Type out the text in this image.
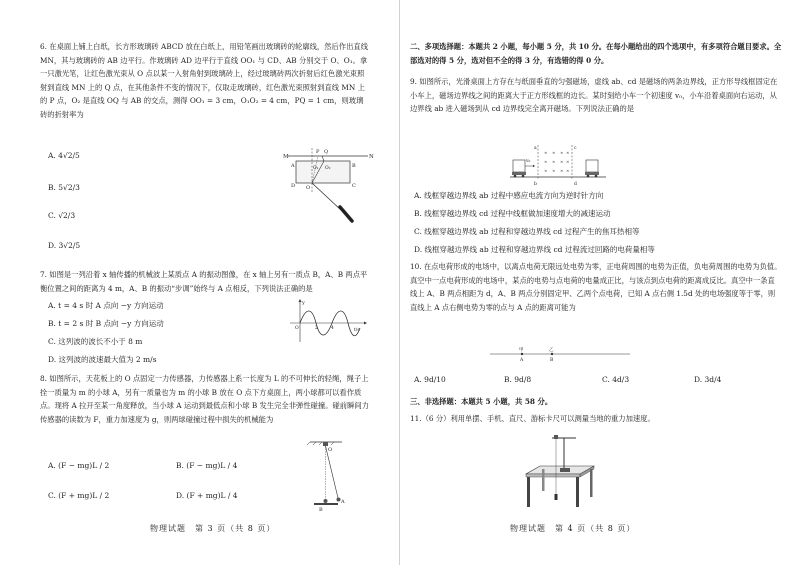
6. 在桌面上铺上白纸，长方形玻璃砖 ABCD 放在白纸上，用铅笔画出玻璃砖的轮廓线，然后作出直线 MN，其与玻璃砖的 AB 边平行。作玻璃砖 AD 边平行于直线 OO₁ 与 CD、AB 分别交于 O、O₁。拿一只激光笔，让红色激光束从 O 点以某一入射角射到玻璃砖上，经过玻璃砖两次折射后红色激光束照射到直线 MN 上的 Q 点，在其他条件不变的情况下，仅取走玻璃砖，红色激光束照射到直线 MN 上的 P 点，O₂ 是直线 OQ 与 AB 的交点，测得 OO₁ = 3 cm，O₁O₂ = 4 cm，PQ = 1 cm，则玻璃砖的折射率为

A. 4√2/5
B. 5√2/3
C. √2/3
D. 3√2/5
M	N
P Q
A	B
C
D
O₁ O₂
O

7. 如图是一列沿着 x 轴传播的机械波上某质点 A 的振动图像，在 x 轴上另有一质点 B，A、B 两点平衡位置之间的距离为 4 m，A、B 的振动“步调”始终与 A 点相反，下列说法正确的是

A. t = 4 s 时 A 点向 −y 方向运动
B. t = 2 s 时 B 点向 −y 方向运动
C. 这列波的波长不小于 8 m
D. 这列波的波速最大值为 2 m/s
y
t/s
O	2	4

8. 如图所示，天花板上的 O 点固定一力传感器，力传感器上系一长度为 L 的不可伸长的轻绳，绳子上拴一质量为 m 的小球 A，另有一质量也为 m 的小球 B 放在 O 点下方桌面上，两小球都可以看作质点。现将 A 拉开至某一角度释放，当小球 A 运动到最低点和小球 B 发生完全非弹性碰撞。碰前瞬间力传感器的读数为 F，重力加速度为 g，则两球碰撞过程中损失的机械能为

A. (F − mg)L / 2	B. (F − mg)L / 4
C. (F + mg)L / 2	D. (F + mg)L / 4
O
A
B
物理试题　第 3 页（共 8 页）

二、多项选择题：本题共 2 小题，每小题 5 分，共 10 分。在每小题给出的四个选项中，有多项符合题目要求。全部选对的得 5 分，选对但不全的得 3 分，有选错的得 0 分。

9. 如图所示，光滑桌面上方存在与纸面垂直的匀强磁场，虚线 ab、cd 是磁场的两条边界线，正方形导线框固定在小车上，磁场边界线之间的距离大于正方形线框的边长。某时刻给小车一个初速度 v₀，小车沿着桌面向右运动，从边界线 ab 进入磁场到从 cd 边界线完全离开磁场。下列说法正确的是

A. 线框穿越边界线 ab 过程中感应电流方向为逆时针方向
B. 线框穿越边界线 cd 过程中线框做加速度增大的减速运动
C. 线框穿越边界线 ab 过程和穿越边界线 cd 过程产生的焦耳热相等
D. 线框穿越边界线 ab 过程和穿越边界线 cd 过程流过回路的电荷量相等
× × × ×
× × × ×
× × × ×
v₀
a
b
c
d

10. 在点电荷形成的电场中，以离点电荷无限远处电势为零，正电荷周围的电势为正值，负电荷周围的电势为负值。真空中一点电荷形成的电场中，某点的电势与点电荷的电量成正比，与该点到点电荷的距离成反比。真空中一条直线上 A、B 两点相距为 d，A、B 两点分别固定甲、乙两个点电荷，已知 A 点右侧 1.5d 处的电场强度等于零，则直线上 A 点右侧电势为零的点与 A 点的距离可能为

甲	乙
A	B
A. 9d/10	B. 9d/8	C. 4d/3	D. 3d/4

三、非选择题：本题共 5 小题，共 58 分。

11.（6 分）利用单摆、手机、直尺、游标卡尺可以测量当地的重力加速度。

物理试题　第 4 页（共 8 页）
